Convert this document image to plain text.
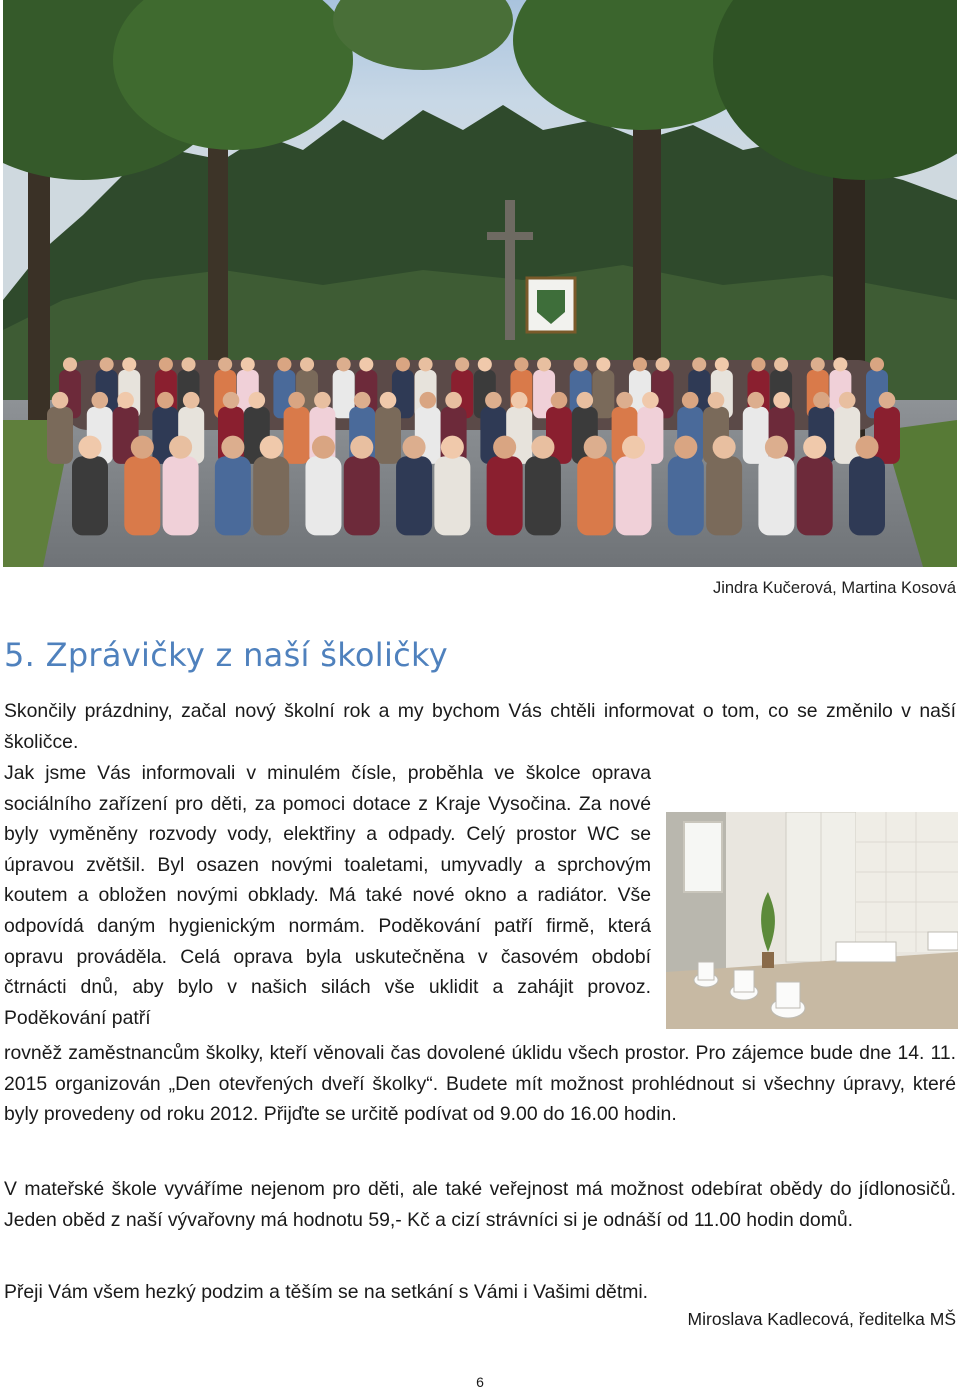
Jindra Kučerová, Martina Kosová
5. Zprávičky z naší školičky

Skončily prázdniny, začal nový školní rok a my bychom Vás chtěli informovat o tom, co se změnilo v naší školičce.

Jak jsme Vás informovali v minulém čísle, proběhla ve školce oprava sociálního zařízení pro děti, za pomoci dotace z Kraje Vysočina. Za nové byly vyměněny rozvody vody, elektřiny a odpady. Celý prostor WC se úpravou zvětšil. Byl osazen novými toaletami, umyvadly a sprchovým koutem a obložen novými obklady. Má také nové okno a radiátor. Vše odpovídá daným hygienickým normám. Poděkování patří firmě, která opravu prováděla. Celá oprava byla uskutečněna v časovém období čtrnácti dnů, aby bylo v našich silách vše uklidit a zahájit provoz. Poděkování patří

rovněž zaměstnancům školky, kteří věnovali čas dovolené úklidu všech prostor. Pro zájemce bude dne 14. 11. 2015 organizován „Den otevřených dveří školky“. Budete mít možnost prohlédnout si všechny úpravy, které byly provedeny od roku 2012. Přijďte se určitě podívat od 9.00 do 16.00 hodin.

V mateřské škole vyváříme nejenom pro děti, ale také veřejnost má možnost odebírat obědy do jídlonosičů. Jeden oběd z naší vývařovny má hodnotu 59,- Kč a cizí strávníci si je odnáší od 11.00 hodin domů.

Přeji Vám všem hezký podzim a těším se na setkání s Vámi i Vašimi dětmi.

Miroslava Kadlecová, ředitelka MŠ
6
